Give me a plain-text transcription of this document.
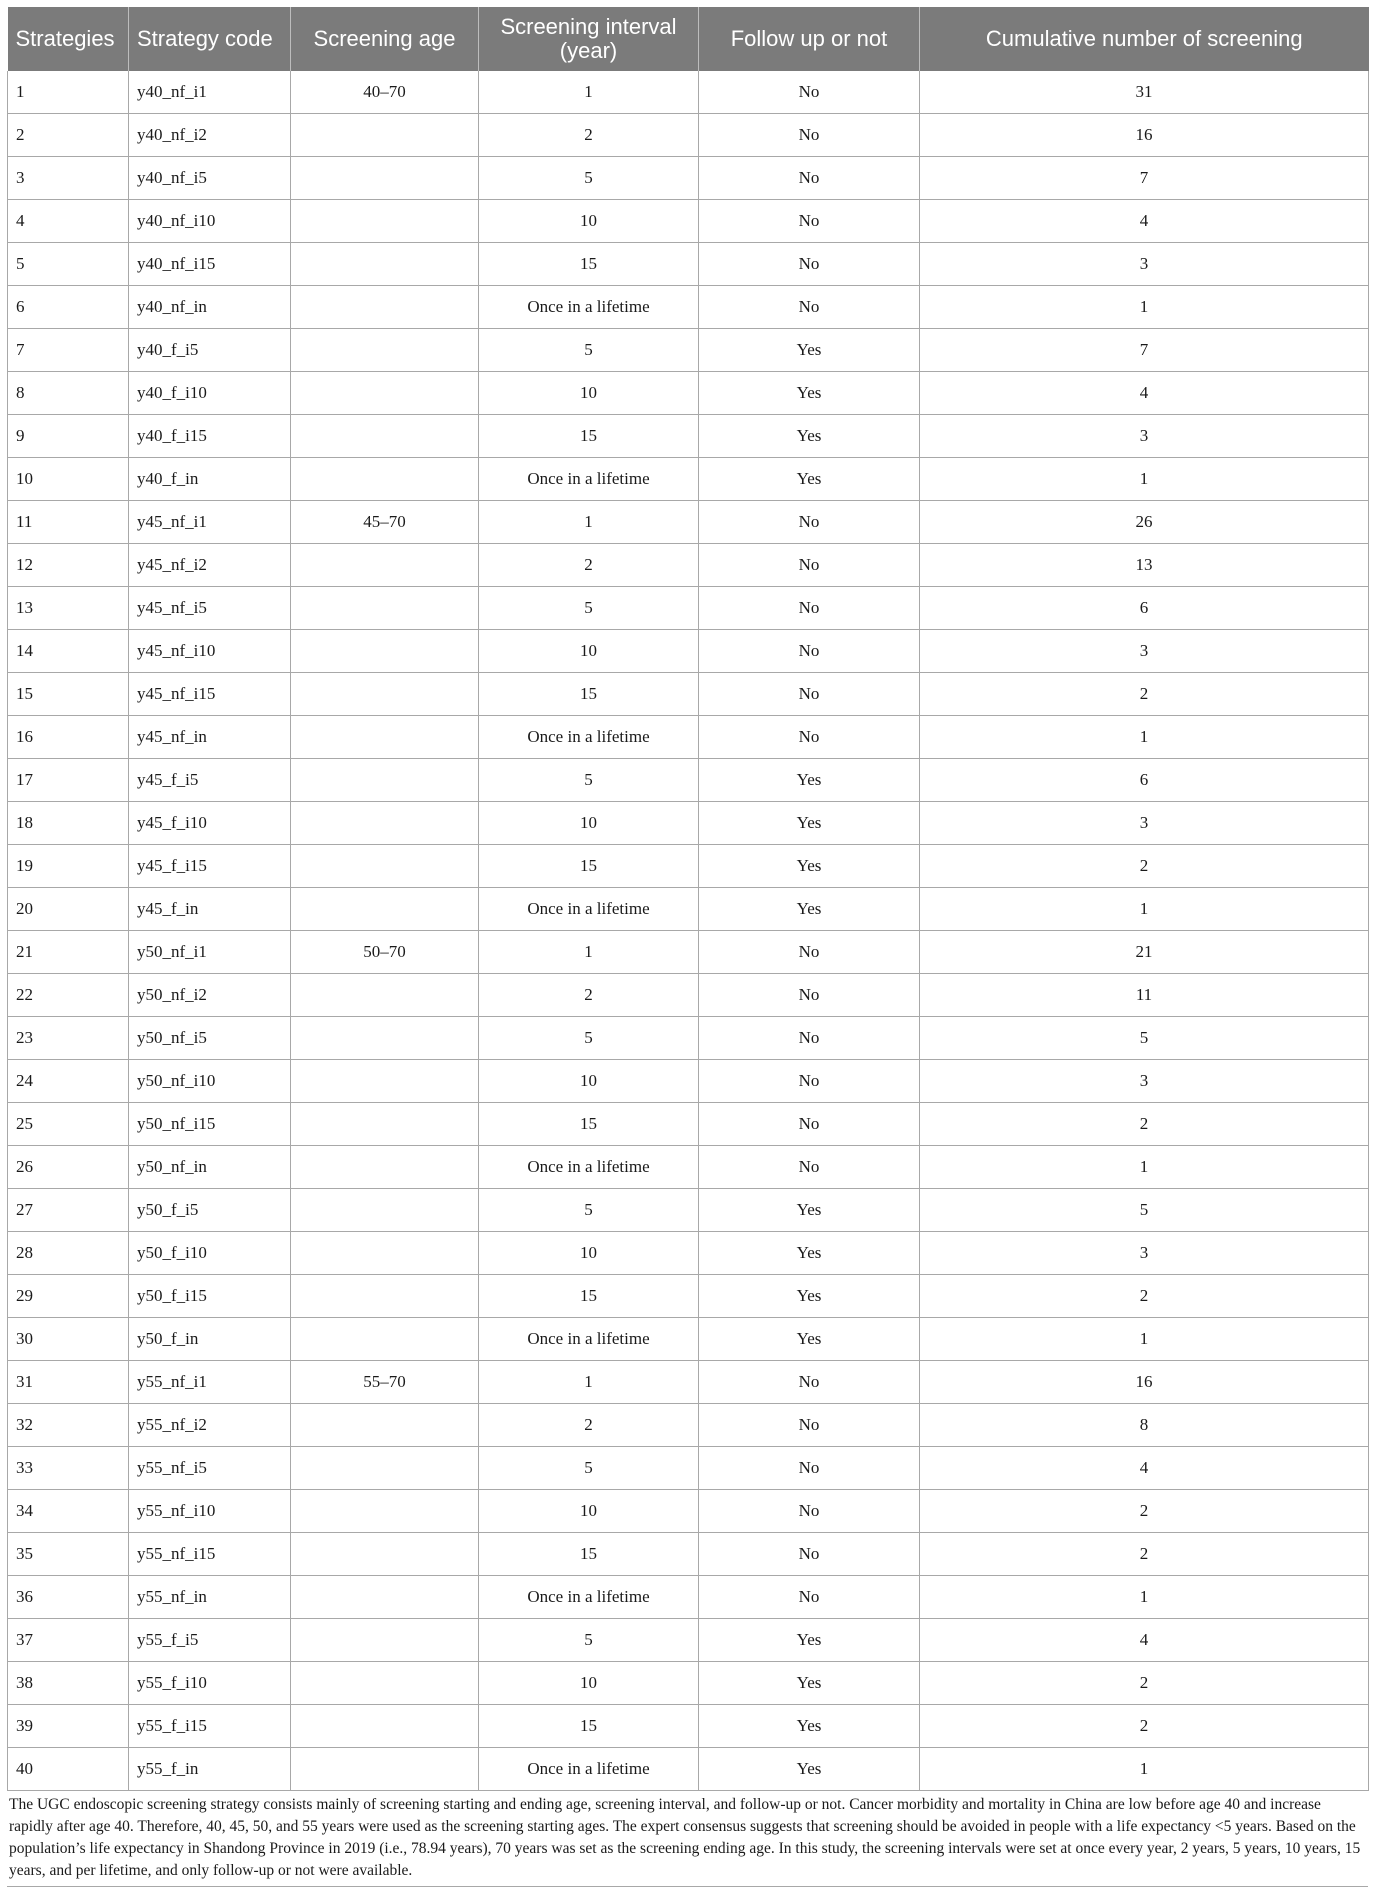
Strategies	Strategy code	Screening age	Screening interval (year)	Follow up or not	Cumulative number of screening
1	y40_nf_i1	40–70	1	No	31
2	y40_nf_i2		2	No	16
3	y40_nf_i5		5	No	7
4	y40_nf_i10		10	No	4
5	y40_nf_i15		15	No	3
6	y40_nf_in		Once in a lifetime	No	1
7	y40_f_i5		5	Yes	7
8	y40_f_i10		10	Yes	4
9	y40_f_i15		15	Yes	3
10	y40_f_in		Once in a lifetime	Yes	1
11	y45_nf_i1	45–70	1	No	26
12	y45_nf_i2		2	No	13
13	y45_nf_i5		5	No	6
14	y45_nf_i10		10	No	3
15	y45_nf_i15		15	No	2
16	y45_nf_in		Once in a lifetime	No	1
17	y45_f_i5		5	Yes	6
18	y45_f_i10		10	Yes	3
19	y45_f_i15		15	Yes	2
20	y45_f_in		Once in a lifetime	Yes	1
21	y50_nf_i1	50–70	1	No	21
22	y50_nf_i2		2	No	11
23	y50_nf_i5		5	No	5
24	y50_nf_i10		10	No	3
25	y50_nf_i15		15	No	2
26	y50_nf_in		Once in a lifetime	No	1
27	y50_f_i5		5	Yes	5
28	y50_f_i10		10	Yes	3
29	y50_f_i15		15	Yes	2
30	y50_f_in		Once in a lifetime	Yes	1
31	y55_nf_i1	55–70	1	No	16
32	y55_nf_i2		2	No	8
33	y55_nf_i5		5	No	4
34	y55_nf_i10		10	No	2
35	y55_nf_i15		15	No	2
36	y55_nf_in		Once in a lifetime	No	1
37	y55_f_i5		5	Yes	4
38	y55_f_i10		10	Yes	2
39	y55_f_i15		15	Yes	2
40	y55_f_in		Once in a lifetime	Yes	1
The UGC endoscopic screening strategy consists mainly of screening starting and ending age, screening interval, and follow-up or not. Cancer morbidity and mortality in China are low before age 40 and increase rapidly after age 40. Therefore, 40, 45, 50, and 55 years were used as the screening starting ages. The expert consensus suggests that screening should be avoided in people with a life expectancy <5 years. Based on the population’s life expectancy in Shandong Province in 2019 (i.e., 78.94 years), 70 years was set as the screening ending age. In this study, the screening intervals were set at once every year, 2 years, 5 years, 10 years, 15 years, and per lifetime, and only follow-up or not were available.
